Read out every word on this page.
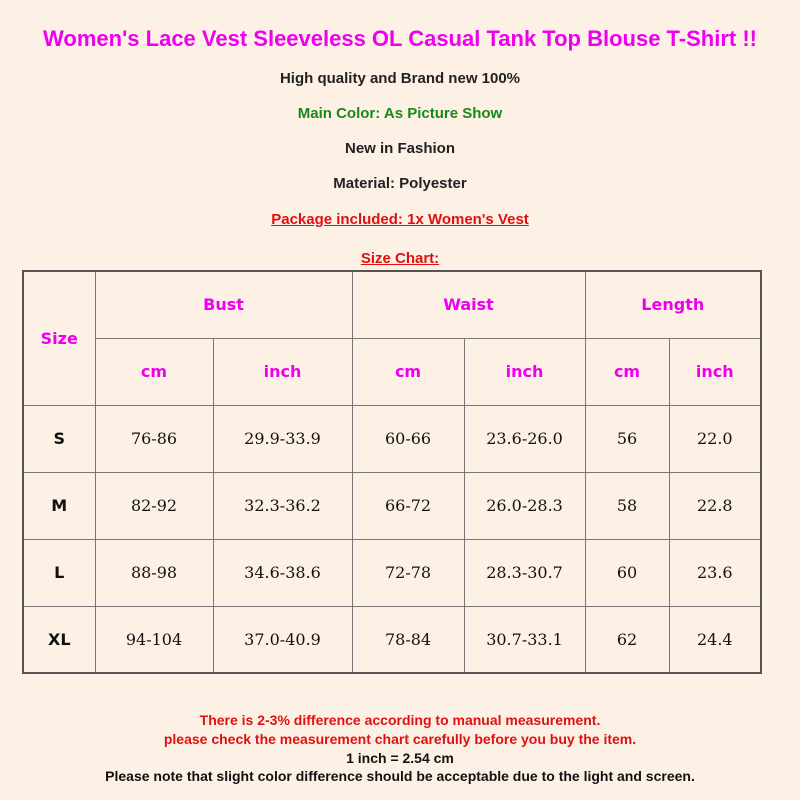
Women's Lace Vest Sleeveless OL Casual Tank Top Blouse T-Shirt !!
High quality and Brand new 100%
Main Color: As Picture Show
New in Fashion
Material: Polyester
Package included: 1x Women's Vest
Size Chart:
Size	Bust		Waist		Length	
	cm	inch	cm	inch	cm	inch
S	76-86	29.9-33.9	60-66	23.6-26.0	56	22.0
M	82-92	32.3-36.2	66-72	26.0-28.3	58	22.8
L	88-98	34.6-38.6	72-78	28.3-30.7	60	23.6
XL	94-104	37.0-40.9	78-84	30.7-33.1	62	24.4
There is 2-3% difference according to manual measurement.
please check the measurement chart carefully before you buy the item.
1 inch = 2.54 cm
Please note that slight color difference should be acceptable due to the light and screen.
